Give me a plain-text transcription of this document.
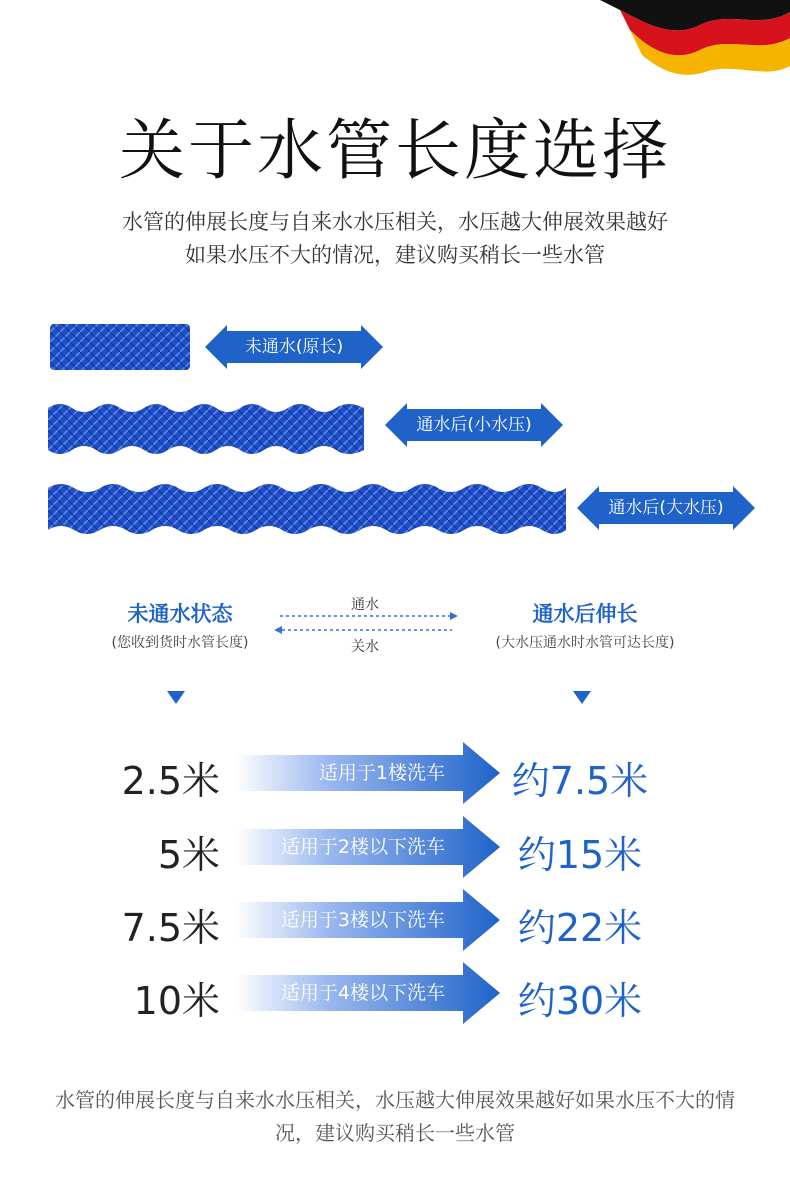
关于水管长度选择
水管的伸展长度与自来水水压相关，水压越大伸展效果越好
如果水压不大的情况，建议购买稍长一些水管
未通水(原长)
通水后(小水压)
通水后(大水压)
未通水状态
(您收到货时水管长度)
通水后伸长
(大水压通水时水管可达长度)
通水
关水
2.5米	适用于1楼洗车	约7.5米
5米	适用于2楼以下洗车	约15米
7.5米	适用于3楼以下洗车	约22米
10米	适用于4楼以下洗车	约30米
水管的伸展长度与自来水水压相关，水压越大伸展效果越好如果水压不大的情况，建议购买稍长一些水管
